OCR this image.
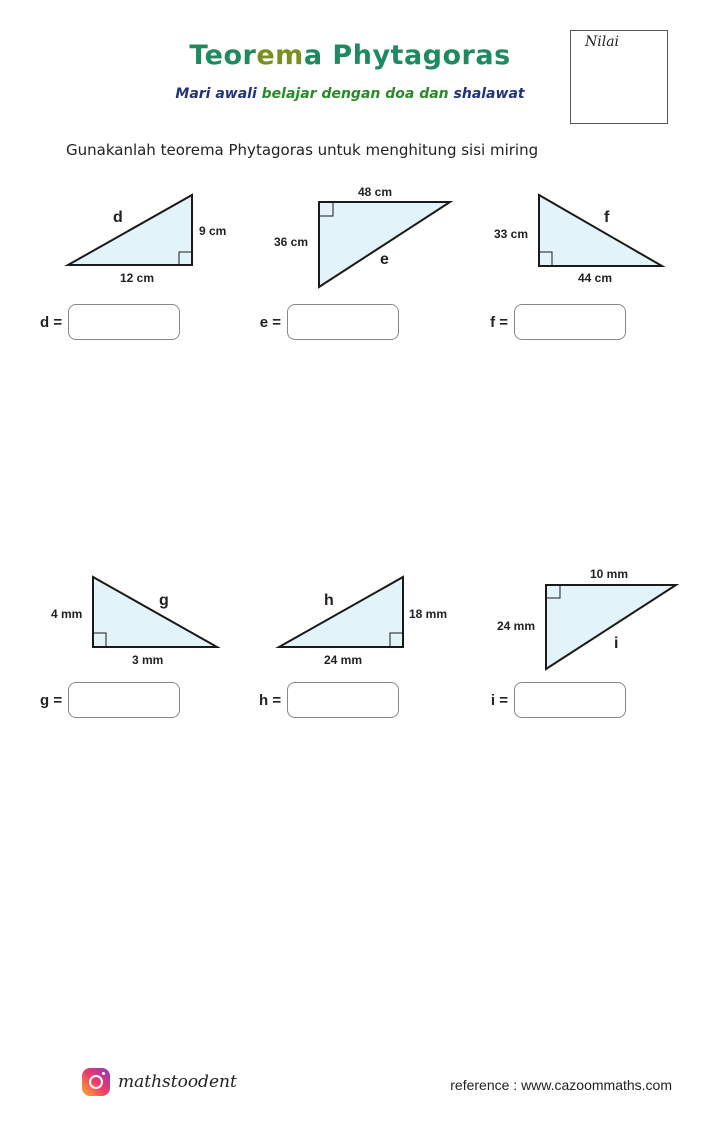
Teorema Phytagoras
Mari awali belajar dengan doa dan shalawat
Nilai
Gunakanlah teorema Phytagoras untuk menghitung sisi miring
d
9 cm
12 cm
48 cm
36 cm
e
f
33 cm
44 cm
g
4 mm
3 mm
h
18 mm
24 mm
10 mm
24 mm
i
d =	e =	f =
g =	h =	i =
mathstoodent	reference : www.cazoommaths.com
